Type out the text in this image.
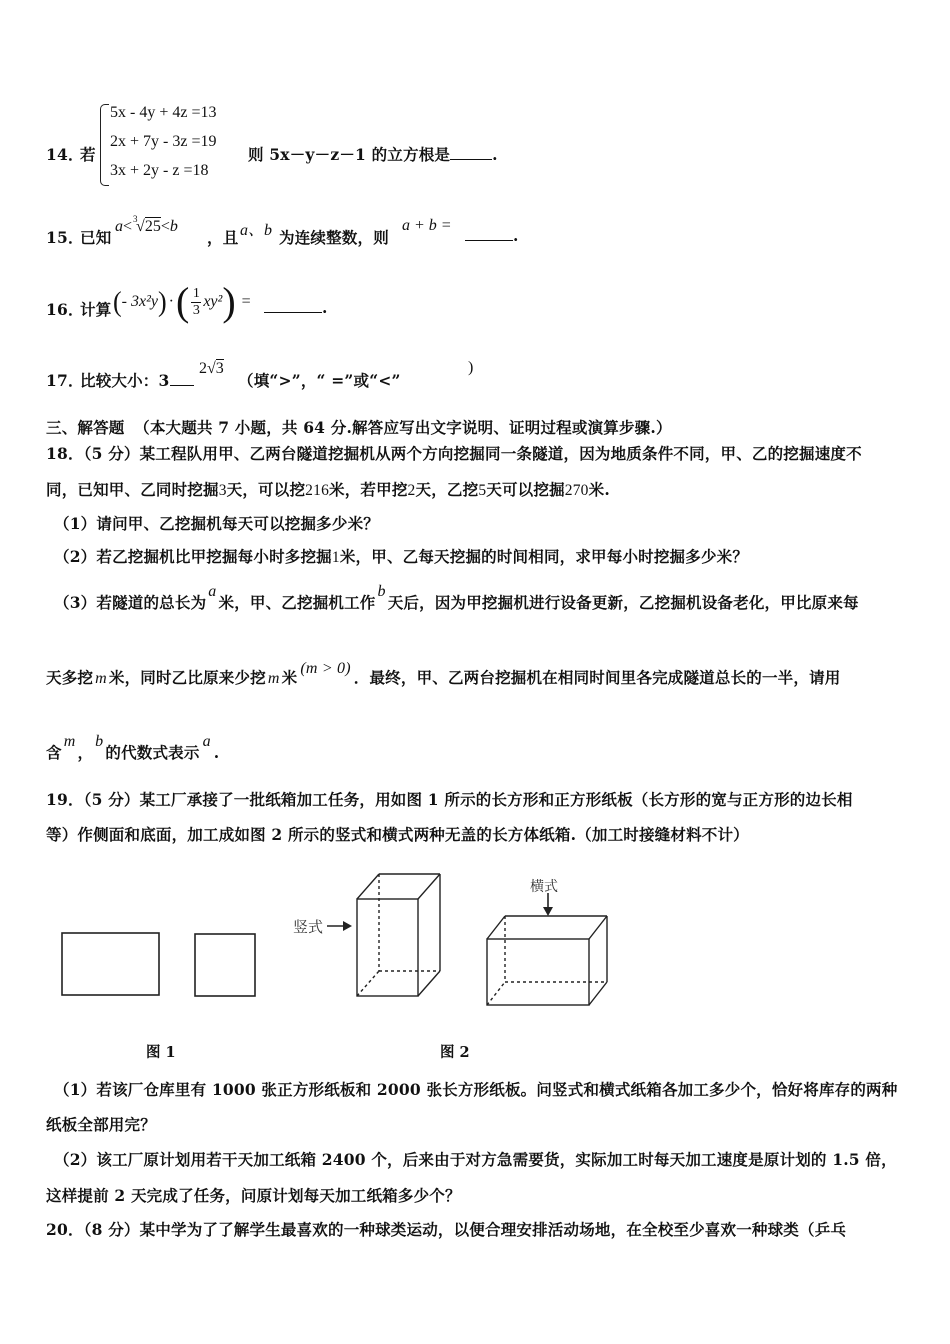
14．
若
5x - 4y + 4z =13
2x + 7y - 3z =19
3x + 2y - z =18
则 5x－y－z－1 的立方根是	.
15．
已知
a< 3
√25<b
，且 a、b 为连续整数，则
a + b =
.
16．
计算 ( - 3x²y ) · ( 1
3 xy² ) =	.
17．
比较大小：3
2√3
（填“>”，“ =”或“<”
)
三、解答题 （本大题共 7 小题，共 64 分.解答应写出文字说明、证明过程或演算步骤.）
18．（5 分）某工程队用甲、乙两台隧道挖掘机从两个方向挖掘同一条隧道，因为地质条件不同，甲、乙的挖掘速度不
同，已知甲、乙同时挖掘3天，可以挖216米，若甲挖2天，乙挖5天可以挖掘270米.
（1）请问甲、乙挖掘机每天可以挖掘多少米？
（2）若乙挖掘机比甲挖掘每小时多挖掘1米，甲、乙每天挖掘的时间相同，求甲每小时挖掘多少米？
（3）若隧道的总长为a米，甲、乙挖掘机工作b天后，因为甲挖掘机进行设备更新，乙挖掘机设备老化，甲比原来每
天多挖 m 米，同时乙比原来少挖 m 米 (m > 0) ．最终，甲、乙两台挖掘机在相同时间里各完成隧道总长的一半，请用
含m，b的代数式表示a.
19．（5 分）某工厂承接了一批纸箱加工任务，用如图 1 所示的长方形和正方形纸板（长方形的宽与正方形的边长相
等）作侧面和底面，加工成如图 2 所示的竖式和横式两种无盖的长方体纸箱.（加工时接缝材料不计）
竖式
横式
图 1	图 2
（1）若该厂仓库里有 1000 张正方形纸板和 2000 张长方形纸板。问竖式和横式纸箱各加工多少个，恰好将库存的两种
纸板全部用完？
（2）该工厂原计划用若干天加工纸箱 2400 个，后来由于对方急需要货，实际加工时每天加工速度是原计划的 1.5 倍，
这样提前 2 天完成了任务，问原计划每天加工纸箱多少个？
20．（8 分）某中学为了了解学生最喜欢的一种球类运动，以便合理安排活动场地，在全校至少喜欢一种球类（乒乓
